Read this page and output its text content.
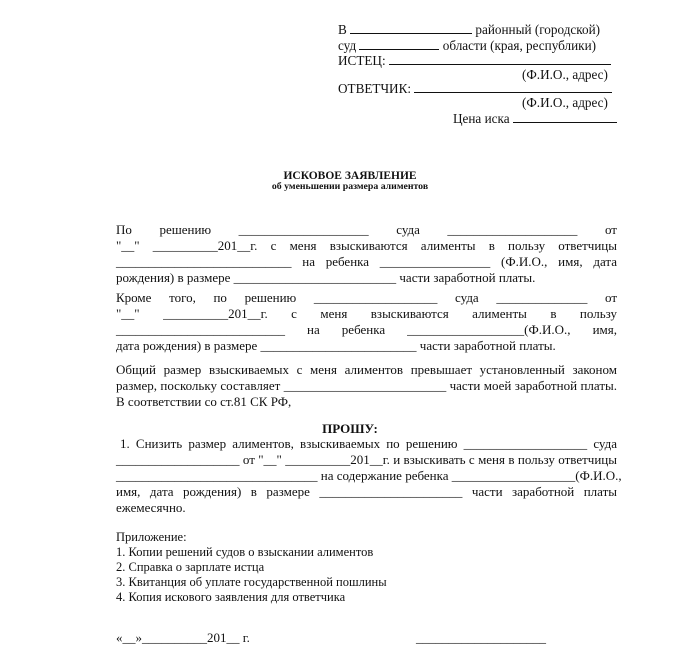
В	районный (городской)
суд	области (края, республики)
ИСТЕЦ:
(Ф.И.О., адрес)
ОТВЕТЧИК:
(Ф.И.О., адрес)
Цена иска
ИСКОВОЕ ЗАЯВЛЕНИЕ
об уменьшении размера алиментов
По решению ____________________ суда ____________________ от
"__" __________201__г. с меня взыскиваются алименты в пользу ответчицы
___________________________ на ребенка _________________ (Ф.И.О., имя, дата
рождения) в размере _________________________ части заработной платы.
Кроме того, по решению ___________________ суда ______________ от
"__" __________201__г. с меня взыскиваются алименты в пользу
__________________________ на ребенка __________________(Ф.И.О., имя,
дата рождения) в размере ________________________ части заработной платы.
Общий размер взыскиваемых с меня алиментов превышает установленный законом
размер, поскольку составляет _________________________ части моей заработной платы.
В соответствии со ст.81 СК РФ,
ПРОШУ:
1. Снизить размер алиментов, взыскиваемых по решению ___________________ суда
___________________ от "__" __________201__г. и взыскивать с меня в пользу ответчицы
_______________________________ на содержание ребенка ___________________(Ф.И.О.,
имя, дата рождения) в размере ______________________ части заработной платы
ежемесячно.
Приложение:
1. Копии решений судов о взыскании алиментов
2. Справка о зарплате истца
3. Квитанция об уплате государственной пошлины
4. Копия искового заявления для ответчика
«__»__________201__ г.	____________________
